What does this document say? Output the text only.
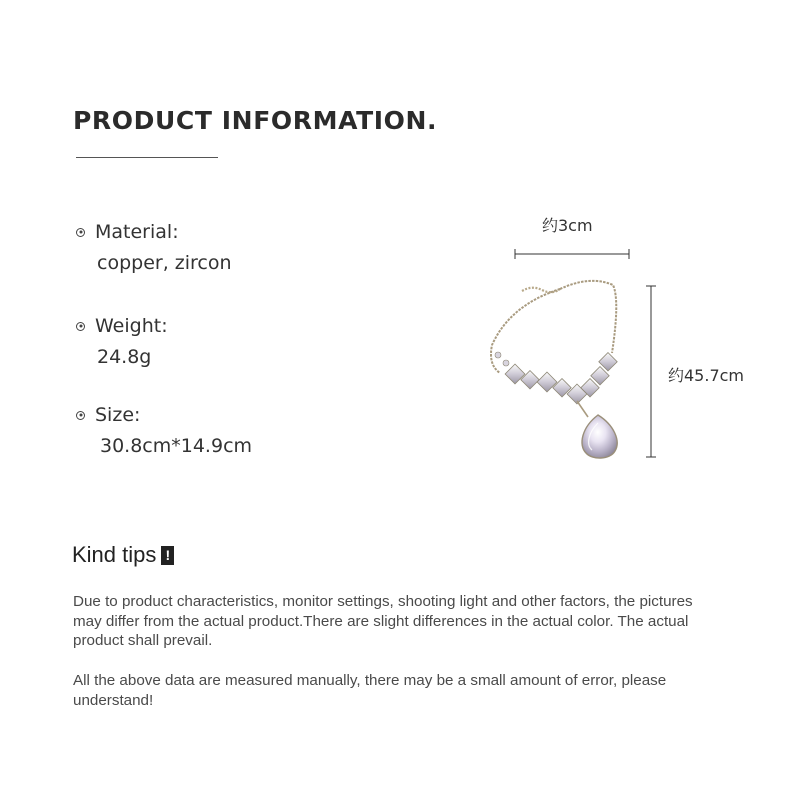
PRODUCT INFORMATION.
Material:
copper, zircon
Weight:
24.8g
Size:
30.8cm*14.9cm
约3cm
约45.7cm
Kind tips !

Due to product characteristics, monitor settings, shooting light and other factors, the pictures may differ from the actual product.There are slight differences in the actual color. The actual product shall prevail.

All the above data are measured manually, there may be a small amount of error, please understand!
